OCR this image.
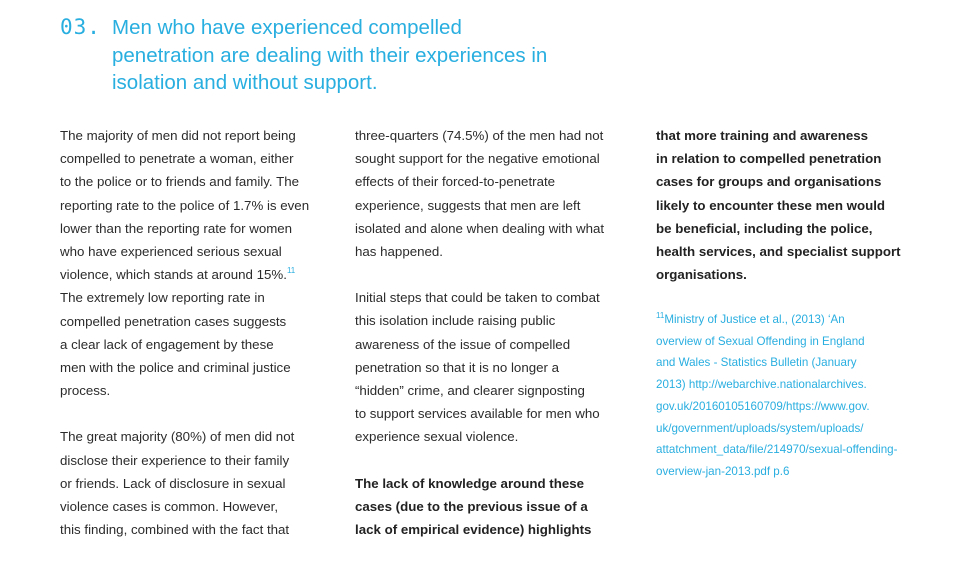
03. Men who have experienced compelled
penetration are dealing with their experiences in
isolation and without support.
The majority of men did not report being
compelled to penetrate a woman, either
to the police or to friends and family. The
reporting rate to the police of 1.7% is even
lower than the reporting rate for women
who have experienced serious sexual
violence, which stands at around 15%.$^{11}$
The extremely low reporting rate in
compelled penetration cases suggests
a clear lack of engagement by these
men with the police and criminal justice
process.
The great majority (80%) of men did not
disclose their experience to their family
or friends. Lack of disclosure in sexual
violence cases is common. However,
this finding, combined with the fact that
three-quarters (74.5%) of the men had not
sought support for the negative emotional
effects of their forced-to-penetrate
experience, suggests that men are left
isolated and alone when dealing with what
has happened.
Initial steps that could be taken to combat
this isolation include raising public
awareness of the issue of compelled
penetration so that it is no longer a
“hidden” crime, and clearer signposting
to support services available for men who
experience sexual violence.
The lack of knowledge around these
cases (due to the previous issue of a
lack of empirical evidence) highlights
that more training and awareness
in relation to compelled penetration
cases for groups and organisations
likely to encounter these men would
be beneficial, including the police,
health services, and specialist support
organisations.
$^{11}$Ministry of Justice et al., (2013) ‘An
overview of Sexual Offending in England
and Wales - Statistics Bulletin (January
2013) http://webarchive.nationalarchives.
gov.uk/20160105160709/https://www.gov.
uk/government/uploads/system/uploads/
attatchment_data/file/214970/sexual-offending-
overview-jan-2013.pdf p.6
